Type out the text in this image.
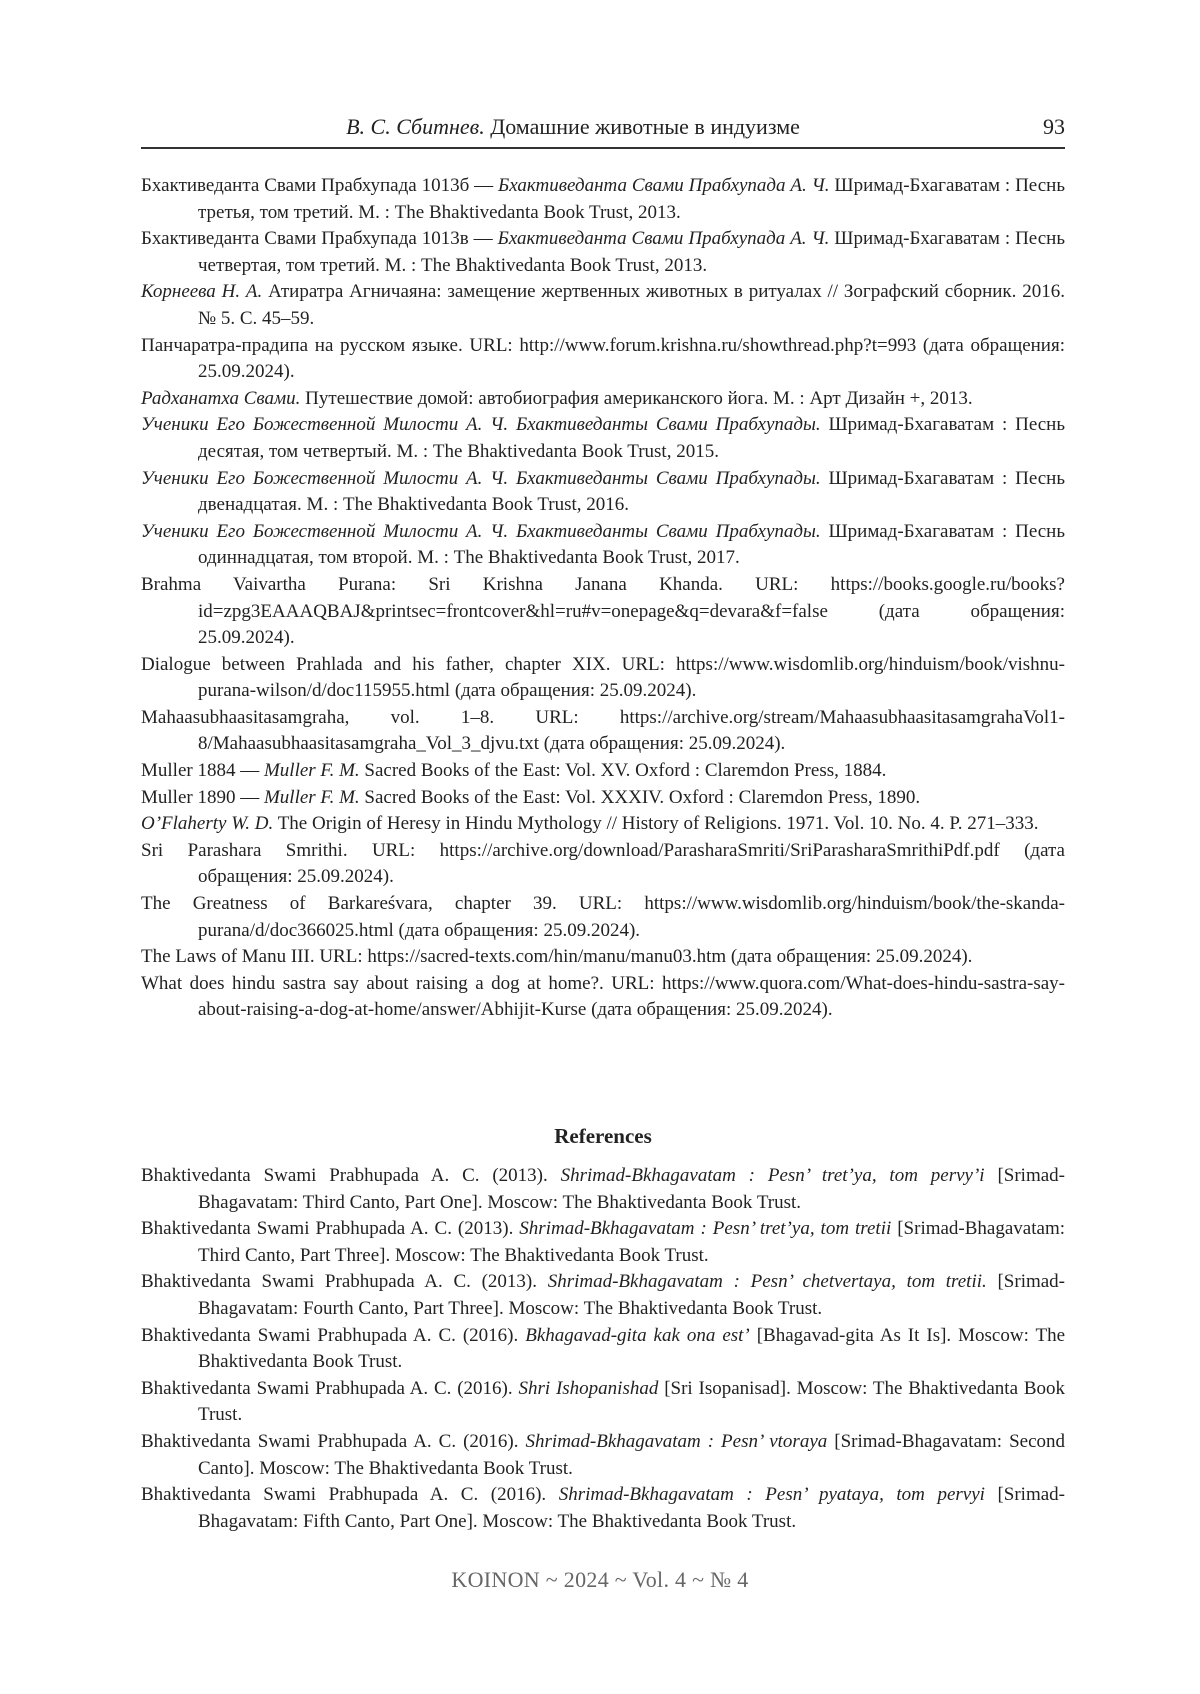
В. С. Сбитнев. Домашние животные в индуизме	93
Бхактиведанта Свами Прабхупада 1013б — Бхактиведанта Свами Прабхупада А. Ч. Шримад-Бхагаватам : Песнь третья, том третий. М. : The Bhaktivedanta Book Trust, 2013.
Бхактиведанта Свами Прабхупада 1013в — Бхактиведанта Свами Прабхупада А. Ч. Шримад-Бхагаватам : Песнь четвертая, том третий. М. : The Bhaktivedanta Book Trust, 2013.
Корнеева Н. А. Атиратра Агничаяна: замещение жертвенных животных в ритуалах // Зографский сборник. 2016. № 5. С. 45–59.
Панчаратра-прадипа на русском языке. URL: http://www.forum.krishna.ru/showthread.php?t=993 (дата обращения: 25.09.2024).
Радханатха Свами. Путешествие домой: автобиография американского йога. М. : Арт Дизайн +, 2013.
Ученики Его Божественной Милости А. Ч. Бхактиведанты Свами Прабхупады. Шримад-Бхагаватам : Песнь десятая, том четвертый. М. : The Bhaktivedanta Book Trust, 2015.
Ученики Его Божественной Милости А. Ч. Бхактиведанты Свами Прабхупады. Шримад-Бхагаватам : Песнь двенадцатая. М. : The Bhaktivedanta Book Trust, 2016.
Ученики Его Божественной Милости А. Ч. Бхактиведанты Свами Прабхупады. Шримад-Бхагаватам : Песнь одиннадцатая, том второй. М. : The Bhaktivedanta Book Trust, 2017.
Brahma Vaivartha Purana: Sri Krishna Janana Khanda. URL: https://books.google.ru/books?id=zpg3EAAAQBAJ&printsec=frontcover&hl=ru#v=onepage&q=devara&f=false (дата обращения: 25.09.2024).
Dialogue between Prahlada and his father, chapter XIX. URL: https://www.wisdomlib.org/hinduism/book/vishnu-purana-wilson/d/doc115955.html (дата обращения: 25.09.2024).
Mahaasubhaasitasamgraha, vol. 1–8. URL: https://archive.org/stream/MahaasubhaasitasamgrahaVol1-8/Mahaasubhaasitasamgraha_Vol_3_djvu.txt (дата обращения: 25.09.2024).
Muller 1884 — Muller F. M. Sacred Books of the East: Vol. XV. Oxford : Claremdon Press, 1884.
Muller 1890 — Muller F. M. Sacred Books of the East: Vol. XXXIV. Oxford : Claremdon Press, 1890.
O’Flaherty W. D. The Origin of Heresy in Hindu Mythology // History of Religions. 1971. Vol. 10. No. 4. P. 271–333.
Sri Parashara Smrithi. URL: https://archive.org/download/ParasharaSmriti/SriParasharaSmrithiPdf.pdf (дата обращения: 25.09.2024).
The Greatness of Barkareśvara, chapter 39. URL: https://www.wisdomlib.org/hinduism/book/the-skanda-purana/d/doc366025.html (дата обращения: 25.09.2024).
The Laws of Manu III. URL: https://sacred-texts.com/hin/manu/manu03.htm (дата обращения: 25.09.2024).
What does hindu sastra say about raising a dog at home?. URL: https://www.quora.com/What-does-hindu-sastra-say-about-raising-a-dog-at-home/answer/Abhijit-Kurse (дата обращения: 25.09.2024).
References
Bhaktivedanta Swami Prabhupada A. C. (2013). Shrimad-Bkhagavatam : Pesn’ tret’ya, tom pervy’i [Srimad-Bhagavatam: Third Canto, Part One]. Moscow: The Bhaktivedanta Book Trust.
Bhaktivedanta Swami Prabhupada A. C. (2013). Shrimad-Bkhagavatam : Pesn’ tret’ya, tom tretii [Srimad-Bhagavatam: Third Canto, Part Three]. Moscow: The Bhaktivedanta Book Trust.
Bhaktivedanta Swami Prabhupada A. C. (2013). Shrimad-Bkhagavatam : Pesn’ chetvertaya, tom tretii. [Srimad-Bhagavatam: Fourth Canto, Part Three]. Moscow: The Bhaktivedanta Book Trust.
Bhaktivedanta Swami Prabhupada A. C. (2016). Bkhagavad-gita kak ona est’ [Bhagavad-gita As It Is]. Moscow: The Bhaktivedanta Book Trust.
Bhaktivedanta Swami Prabhupada A. C. (2016). Shri Ishopanishad [Sri Isopanisad]. Moscow: The Bhaktivedanta Book Trust.
Bhaktivedanta Swami Prabhupada A. C. (2016). Shrimad-Bkhagavatam : Pesn’ vtoraya [Srimad-Bhagavatam: Second Canto]. Moscow: The Bhaktivedanta Book Trust.
Bhaktivedanta Swami Prabhupada A. C. (2016). Shrimad-Bkhagavatam : Pesn’ pyataya, tom pervyi [Srimad-Bhagavatam: Fifth Canto, Part One]. Moscow: The Bhaktivedanta Book Trust.
KOINON ~ 2024 ~ Vol. 4 ~ № 4
